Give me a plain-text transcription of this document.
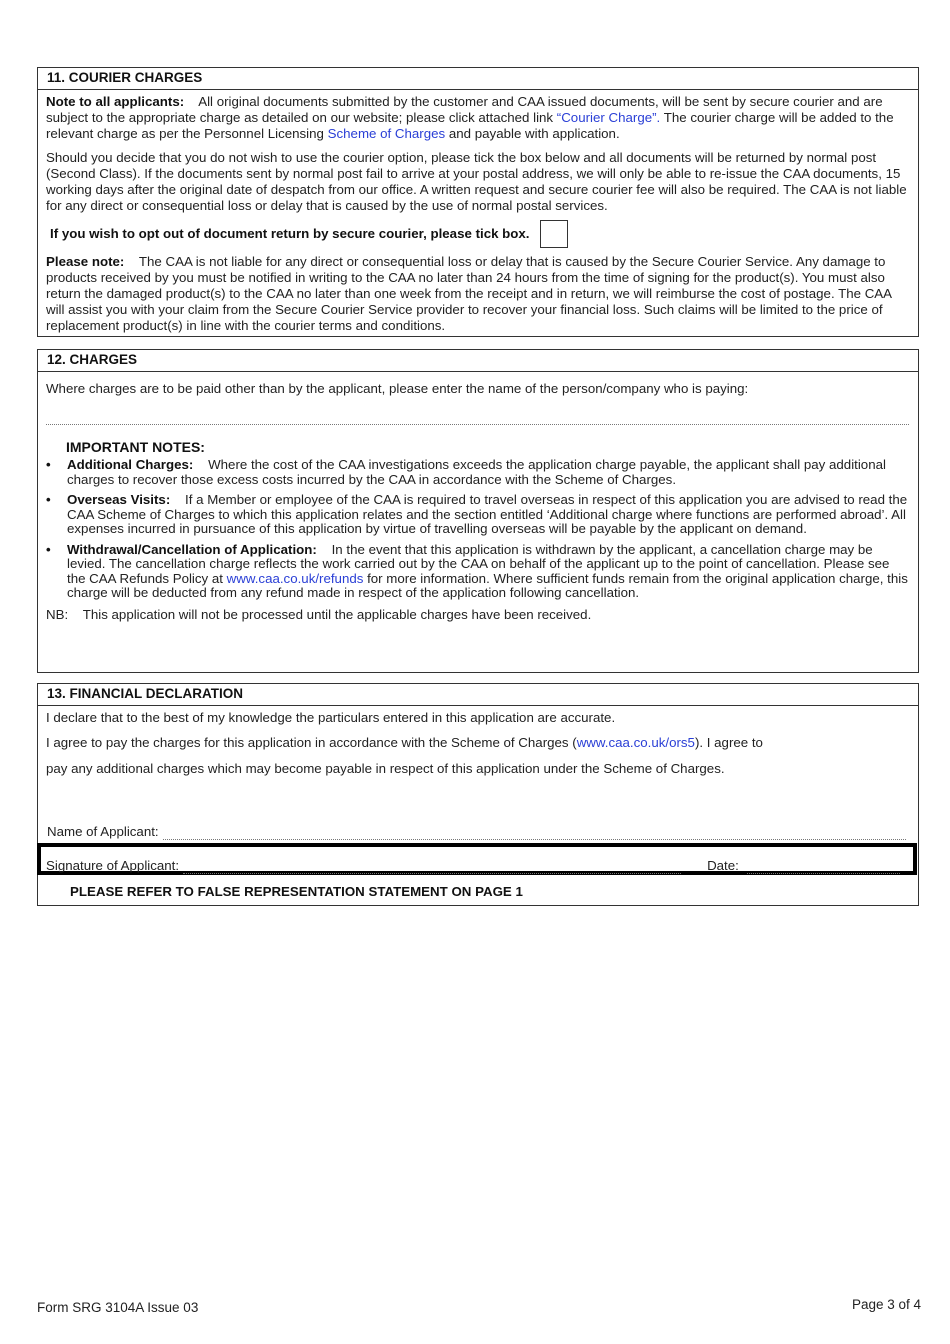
11. COURIER CHARGES

Note to all applicants: All original documents submitted by the customer and CAA issued documents, will be sent by secure courier and are subject to the appropriate charge as detailed on our website; please click attached link “Courier Charge”. The courier charge will be added to the relevant charge as per the Personnel Licensing Scheme of Charges and payable with application.

Should you decide that you do not wish to use the courier option, please tick the box below and all documents will be returned by normal post (Second Class). If the documents sent by normal post fail to arrive at your postal address, we will only be able to re-issue the CAA documents, 15 working days after the original date of despatch from our office. A written request and secure courier fee will also be required. The CAA is not liable for any direct or consequential loss or delay that is caused by the use of normal postal services.

If you wish to opt out of document return by secure courier, please tick box.

Please note: The CAA is not liable for any direct or consequential loss or delay that is caused by the Secure Courier Service. Any damage to products received by you must be notified in writing to the CAA no later than 24 hours from the time of signing for the product(s). You must also return the damaged product(s) to the CAA no later than one week from the receipt and in return, we will reimburse the cost of postage. The CAA will assist you with your claim from the Secure Courier Service provider to recover your financial loss. Such claims will be limited to the price of replacement product(s) in line with the courier terms and conditions.

12. CHARGES
Where charges are to be paid other than by the applicant, please enter the name of the person/company who is paying:
IMPORTANT NOTES:
• Additional Charges: Where the cost of the CAA investigations exceeds the application charge payable, the applicant shall pay additional charges to recover those excess costs incurred by the CAA in accordance with the Scheme of Charges.
• Overseas Visits: If a Member or employee of the CAA is required to travel overseas in respect of this application you are advised to read the CAA Scheme of Charges to which this application relates and the section entitled ‘Additional charge where functions are performed abroad’. All expenses incurred in pursuance of this application by virtue of travelling overseas will be payable by the applicant on demand.
• Withdrawal/Cancellation of Application: In the event that this application is withdrawn by the applicant, a cancellation charge may be levied. The cancellation charge reflects the work carried out by the CAA on behalf of the applicant up to the point of cancellation. Please see the CAA Refunds Policy at www.caa.co.uk/refunds for more information. Where sufficient funds remain from the original application charge, this charge will be deducted from any refund made in respect of the application following cancellation.
NB: This application will not be processed until the applicable charges have been received.
13. FINANCIAL DECLARATION

I declare that to the best of my knowledge the particulars entered in this application are accurate.

I agree to pay the charges for this application in accordance with the Scheme of Charges (www.caa.co.uk/ors5). I agree to

pay any additional charges which may become payable in respect of this application under the Scheme of Charges.

Name of Applicant:
PLEASE REFER TO FALSE REPRESENTATION STATEMENT ON PAGE 1
Signature of Applicant:	Date:
Form SRG 3104A Issue 03	Page 3 of 4
